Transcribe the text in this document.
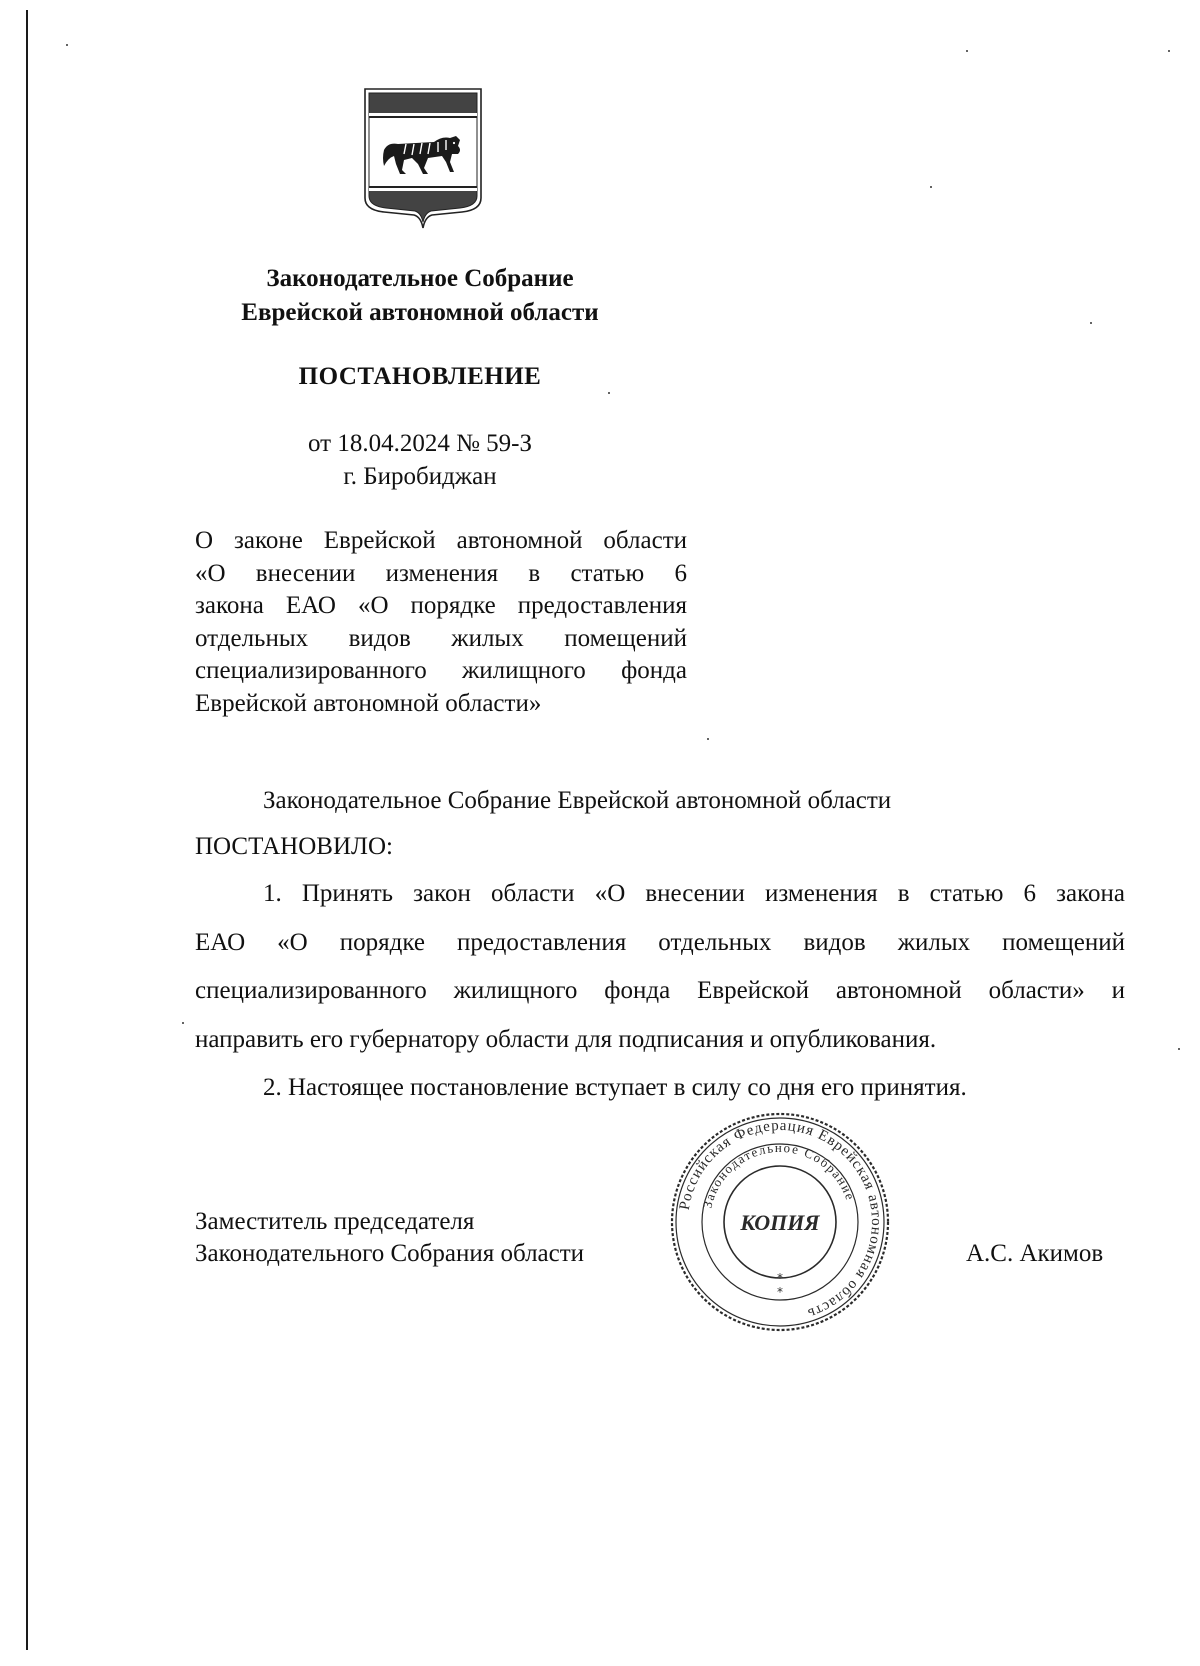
Законодательное Собрание
Еврейской автономной области
ПОСТАНОВЛЕНИЕ
от 18.04.2024 № 59-З
г. Биробиджан
О законе Еврейской автономной области
«О внесении изменения в статью 6
закона ЕАО «О порядке предоставления
отдельных видов жилых помещений
специализированного жилищного фонда
Еврейской автономной области»
Законодательное Собрание Еврейской автономной области
ПОСТАНОВИЛО:
1. Принять закон области «О внесении изменения в статью 6 закона
ЕАО «О порядке предоставления отдельных видов жилых помещений
специализированного жилищного фонда Еврейской автономной области» и
направить его губернатору области для подписания и опубликования.
2. Настоящее постановление вступает в силу со дня его принятия.
Заместитель председателя
Законодательного Собрания области	А.С. Акимов
Российская Федерация Еврейская автономная область
Законодательное Собрание
КОПИЯ
*
*
